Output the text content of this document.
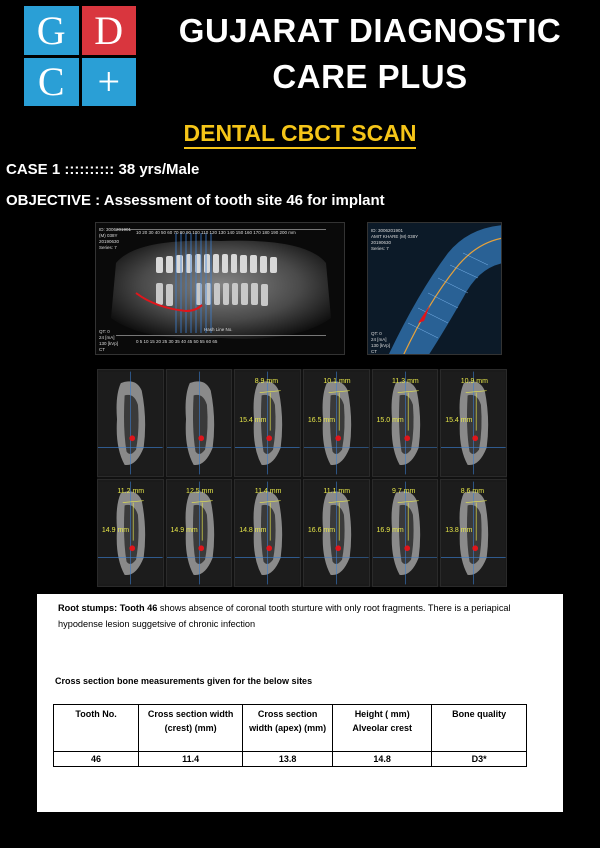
G D
C +
GUJARAT DIAGNOSTIC
CARE PLUS
DENTAL CBCT SCAN
CASE 1 :::::::::: 38 yrs/Male
OBJECTIVE : Assessment of tooth site 46 for implant
ID: 3006201901
(M) 038Y
20190630
Series: 7
10 20 30 40 50 60 70 80 90 100 110 120 130 140 150 160 170 180 190 200 mm
QT: 0
24 [mA]
130 [kVp]
CT
Hash Line No.
0 5 10 15 20 25 30 35 40 45 50 55 60 65
ID: 3006201901
AMIT KHARE (M) 038Y
20190630
Series: 7
QT: 0
24 [mA]
130 [kVp]
CT
8.9 mm
15.4 mm
10.1 mm
16.5 mm
11.3 mm
15.0 mm
10.9 mm
15.4 mm
11.2 mm
14.9 mm
12.5 mm
14.9 mm
11.4 mm
14.8 mm
11.1 mm
16.6 mm
9.7 mm
16.9 mm
8.6 mm
13.8 mm
Root stumps: Tooth 46 shows absence of coronal tooth sturture with only root fragments. There is a periapical hypodense lesion suggetsive of chronic infection
Cross section bone measurements given for the below sites
Tooth No.	Cross section width (crest) (mm)	Cross section width (apex) (mm)	Height ( mm) Alveolar crest	Bone quality
46	11.4	13.8	14.8	D3*
